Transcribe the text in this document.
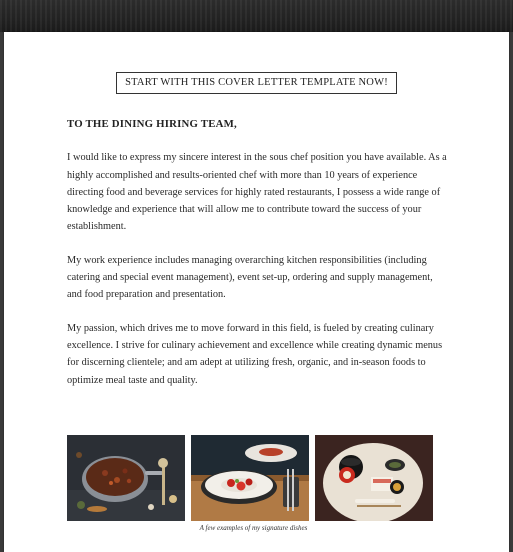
START WITH THIS COVER LETTER TEMPLATE NOW!

TO THE DINING HIRING TEAM,

I would like to express my sincere interest in the sous chef position you have available. As a highly accomplished and results-oriented chef with more than 10 years of experience directing food and beverage services for highly rated restaurants, I possess a wide range of knowledge and experience that will allow me to contribute toward the success of your establishment.

My work experience includes managing overarching kitchen responsibilities (including catering and special event management), event set-up, ordering and supply management, and food preparation and presentation.

My passion, which drives me to move forward in this field, is fueled by creating culinary excellence. I strive for culinary achievement and excellence while creating dynamic menus for discerning clientele; and am adept at utilizing fresh, organic, and in-season foods to optimize meal taste and quality.

A few examples of my signature dishes
